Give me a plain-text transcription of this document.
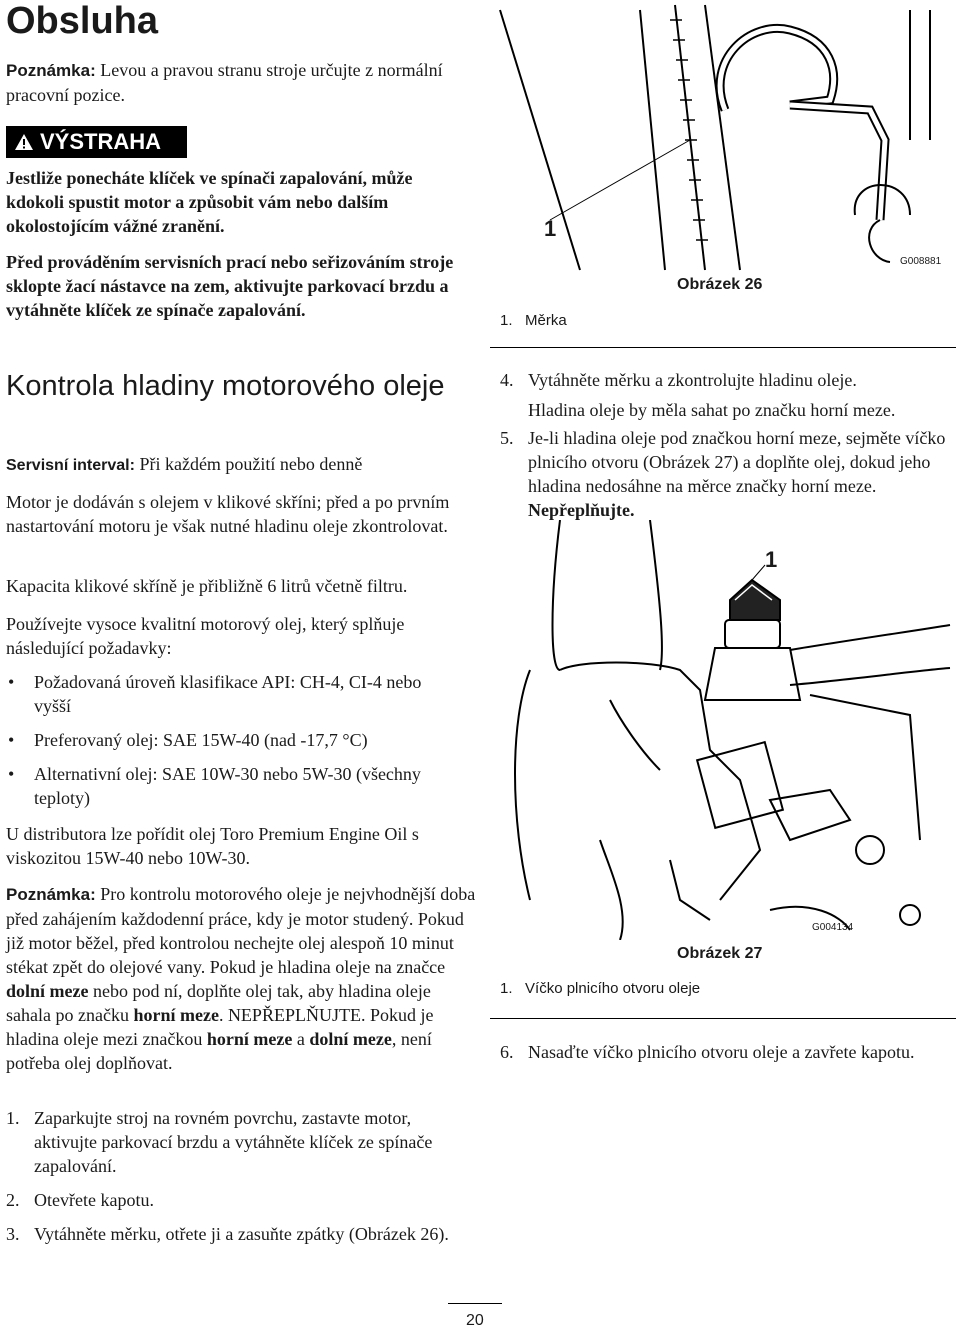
Obsluha
Poznámka: Levou a pravou stranu stroje určujte z normální pracovní pozice.
VÝSTRAHA
Jestliže ponecháte klíček ve spínači zapalování, může kdokoli spustit motor a způsobit vám nebo dalším okolostojícím vážné zranění.
Před prováděním servisních prací nebo seřizováním stroje sklopte žací nástavce na zem, aktivujte parkovací brzdu a vytáhněte klíček ze spínače zapalování.
Kontrola hladiny motorového oleje
Servisní interval: Při každém použití nebo denně
Motor je dodáván s olejem v klikové skříni; před a po prvním nastartování motoru je však nutné hladinu oleje zkontrolovat.
Kapacita klikové skříně je přibližně 6 litrů včetně filtru.
Používejte vysoce kvalitní motorový olej, který splňuje následující požadavky:
• Požadovaná úroveň klasifikace API: CH-4, CI-4 nebo vyšší
• Preferovaný olej: SAE 15W-40 (nad -17,7 °C)
• Alternativní olej: SAE 10W-30 nebo 5W-30 (všechny teploty)
U distributora lze pořídit olej Toro Premium Engine Oil s viskozitou 15W-40 nebo 10W-30.
Poznámka: Pro kontrolu motorového oleje je nejvhodnější doba před zahájením každodenní práce, kdy je motor studený. Pokud již motor běžel, před kontrolou nechejte olej alespoň 10 minut stékat zpět do olejové vany. Pokud je hladina oleje na značce dolní meze nebo pod ní, doplňte olej tak, aby hladina oleje sahala po značku horní meze. NEPŘEPLŇUJTE. Pokud je hladina oleje mezi značkou horní meze a dolní meze, není potřeba olej doplňovat.
1. Zaparkujte stroj na rovném povrchu, zastavte motor, aktivujte parkovací brzdu a vytáhněte klíček ze spínače zapalování.
2. Otevřete kapotu.
3. Vytáhněte měrku, otřete ji a zasuňte zpátky (Obrázek 26).
1
G008881
Obrázek 26
1. Měrka
4. Vytáhněte měrku a zkontrolujte hladinu oleje.
Hladina oleje by měla sahat po značku horní meze.
5. Je-li hladina oleje pod značkou horní meze, sejměte víčko plnicího otvoru (Obrázek 27) a doplňte olej, dokud jeho hladina nedosáhne na měrce značky horní meze. Nepřeplňujte.
1
G004134
Obrázek 27
1. Víčko plnicího otvoru oleje
6. Nasaďte víčko plnicího otvoru oleje a zavřete kapotu.
20
